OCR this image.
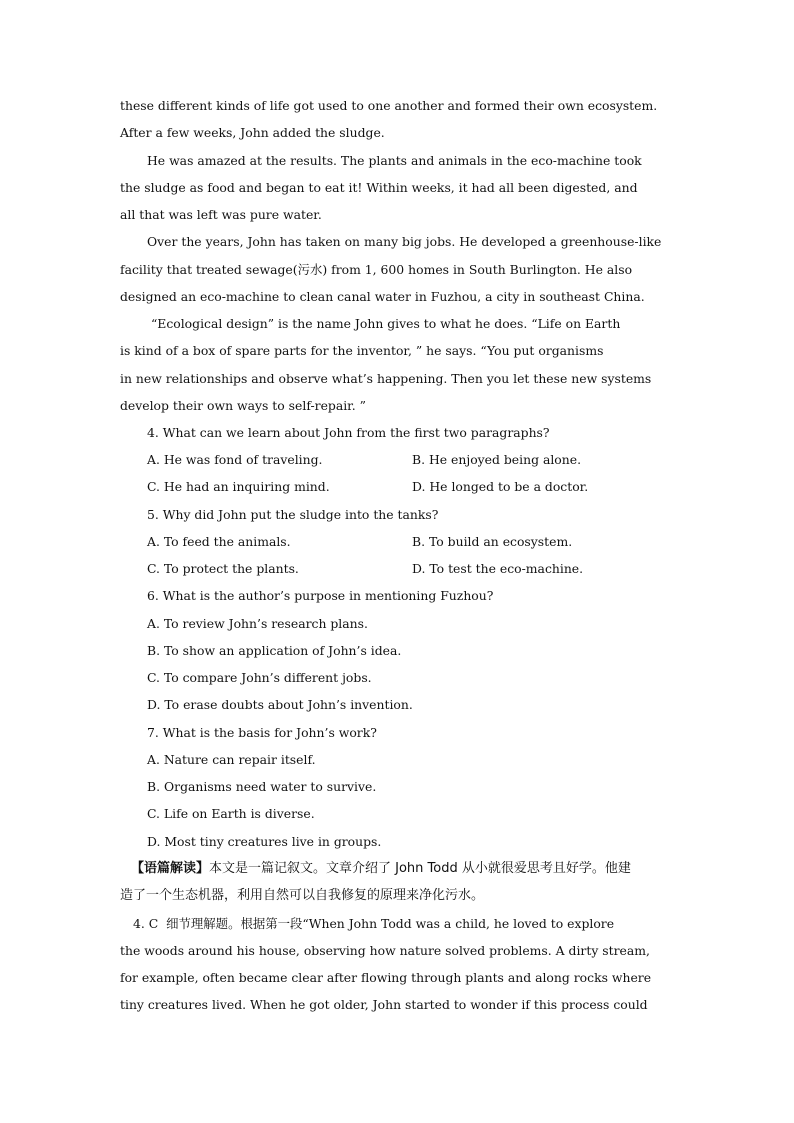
these different kinds of life got used to one another and formed their own ecosystem.
After a few weeks, John added the sludge.
He was amazed at the results. The plants and animals in the eco-machine took
the sludge as food and began to eat it! Within weeks, it had all been digested, and
all that was left was pure water.
Over the years, John has taken on many big jobs. He developed a greenhouse-like
facility that treated sewage(污水) from 1, 600 homes in South Burlington. He also
designed an eco-machine to clean canal water in Fuzhou, a city in southeast China.
“Ecological design” is the name John gives to what he does. “Life on Earth
is kind of a box of spare parts for the inventor, ” he says. “You put organisms
in new relationships and observe what’s happening. Then you let these new systems
develop their own ways to self-repair. ”
4. What can we learn about John from the first two paragraphs?
A. He was fond of traveling.	B. He enjoyed being alone.
C. He had an inquiring mind.	D. He longed to be a doctor.
5. Why did John put the sludge into the tanks?
A. To feed the animals.	B. To build an ecosystem.
C. To protect the plants.	D. To test the eco-machine.
6. What is the author’s purpose in mentioning Fuzhou?
A. To review John’s research plans.
B. To show an application of John’s idea.
C. To compare John’s different jobs.
D. To erase doubts about John’s invention.
7. What is the basis for John’s work?
A. Nature can repair itself.
B. Organisms need water to survive.
C. Life on Earth is diverse.
D. Most tiny creatures live in groups.
【语篇解读】本文是一篇记叙文。文章介绍了 John Todd 从小就很爱思考且好学。他建
造了一个生态机器，利用自然可以自我修复的原理来净化污水。
4. C  细节理解题。根据第一段“When John Todd was a child, he loved to explore
the woods around his house, observing how nature solved problems. A dirty stream,
for example, often became clear after flowing through plants and along rocks where
tiny creatures lived. When he got older, John started to wonder if this process could
